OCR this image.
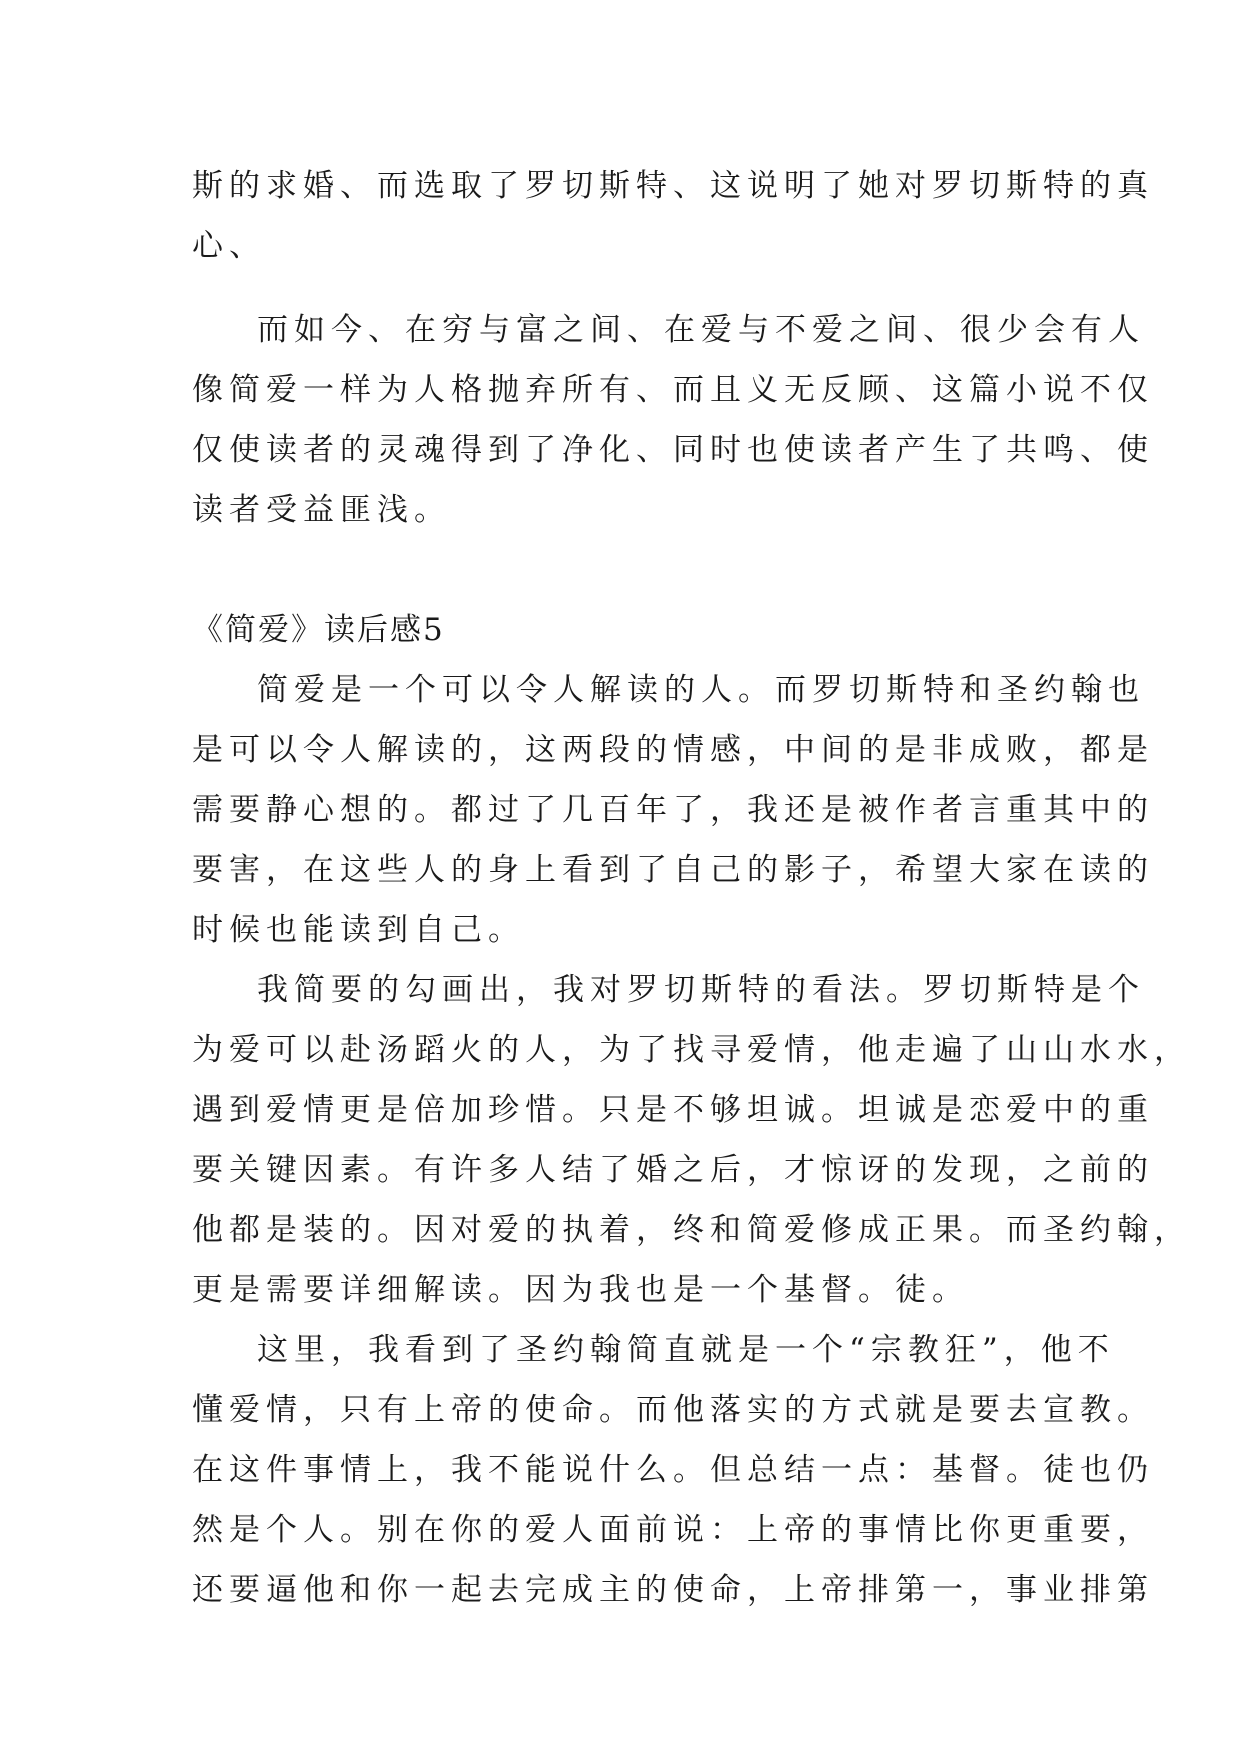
斯的求婚、而选取了罗切斯特、这说明了她对罗切斯特的真
心、
而如今、在穷与富之间、在爱与不爱之间、很少会有人
像简爱一样为人格抛弃所有、而且义无反顾、这篇小说不仅
仅使读者的灵魂得到了净化、同时也使读者产生了共鸣、使
读者受益匪浅。
《简爱》读后感5
简爱是一个可以令人解读的人。而罗切斯特和圣约翰也
是可以令人解读的，这两段的情感，中间的是非成败，都是
需要静心想的。都过了几百年了，我还是被作者言重其中的
要害，在这些人的身上看到了自己的影子，希望大家在读的
时候也能读到自己。
我简要的勾画出，我对罗切斯特的看法。罗切斯特是个
为爱可以赴汤蹈火的人，为了找寻爱情，他走遍了山山水水，
遇到爱情更是倍加珍惜。只是不够坦诚。坦诚是恋爱中的重
要关键因素。有许多人结了婚之后，才惊讶的发现，之前的
他都是装的。因对爱的执着，终和简爱修成正果。而圣约翰，
更是需要详细解读。因为我也是一个基督。徒。
这里，我看到了圣约翰简直就是一个“宗教狂”，他不
懂爱情，只有上帝的使命。而他落实的方式就是要去宣教。
在这件事情上，我不能说什么。但总结一点：基督。徒也仍
然是个人。别在你的爱人面前说：上帝的事情比你更重要，
还要逼他和你一起去完成主的使命，上帝排第一，事业排第
